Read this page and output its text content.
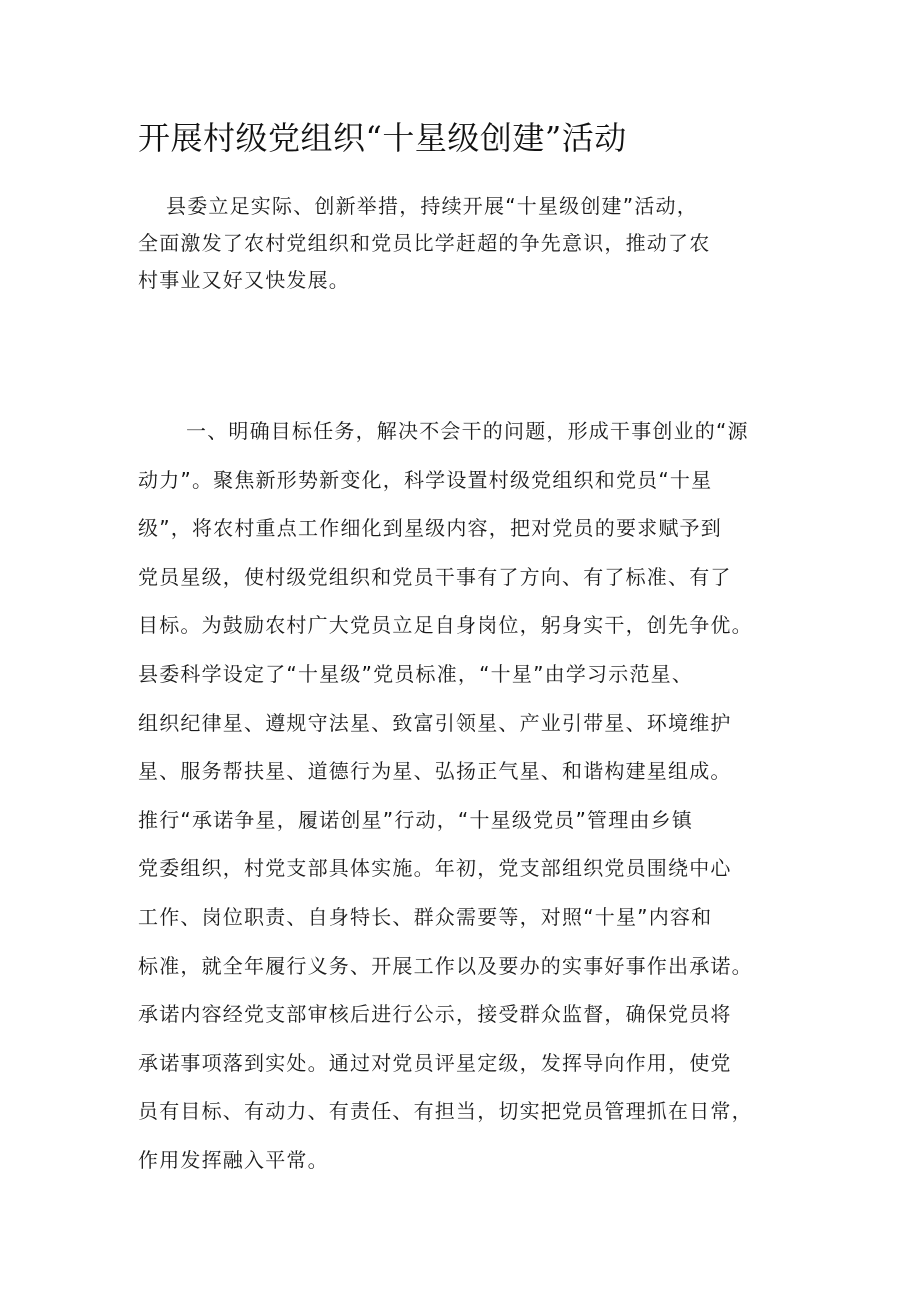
开展村级党组织“十星级创建”活动
县委立足实际、创新举措，持续开展“十星级创建”活动，
全面激发了农村党组织和党员比学赶超的争先意识，推动了农
村事业又好又快发展。
一、明确目标任务，解决不会干的问题，形成干事创业的“源
动力”。聚焦新形势新变化，科学设置村级党组织和党员“十星
级”，将农村重点工作细化到星级内容，把对党员的要求赋予到
党员星级，使村级党组织和党员干事有了方向、有了标准、有了
目标。为鼓励农村广大党员立足自身岗位，躬身实干，创先争优。
县委科学设定了“十星级”党员标准，“十星”由学习示范星、
组织纪律星、遵规守法星、致富引领星、产业引带星、环境维护
星、服务帮扶星、道德行为星、弘扬正气星、和谐构建星组成。
推行“承诺争星，履诺创星”行动，“十星级党员”管理由乡镇
党委组织，村党支部具体实施。年初，党支部组织党员围绕中心
工作、岗位职责、自身特长、群众需要等，对照“十星”内容和
标准，就全年履行义务、开展工作以及要办的实事好事作出承诺。
承诺内容经党支部审核后进行公示，接受群众监督，确保党员将
承诺事项落到实处。通过对党员评星定级，发挥导向作用，使党
员有目标、有动力、有责任、有担当，切实把党员管理抓在日常，
作用发挥融入平常。
